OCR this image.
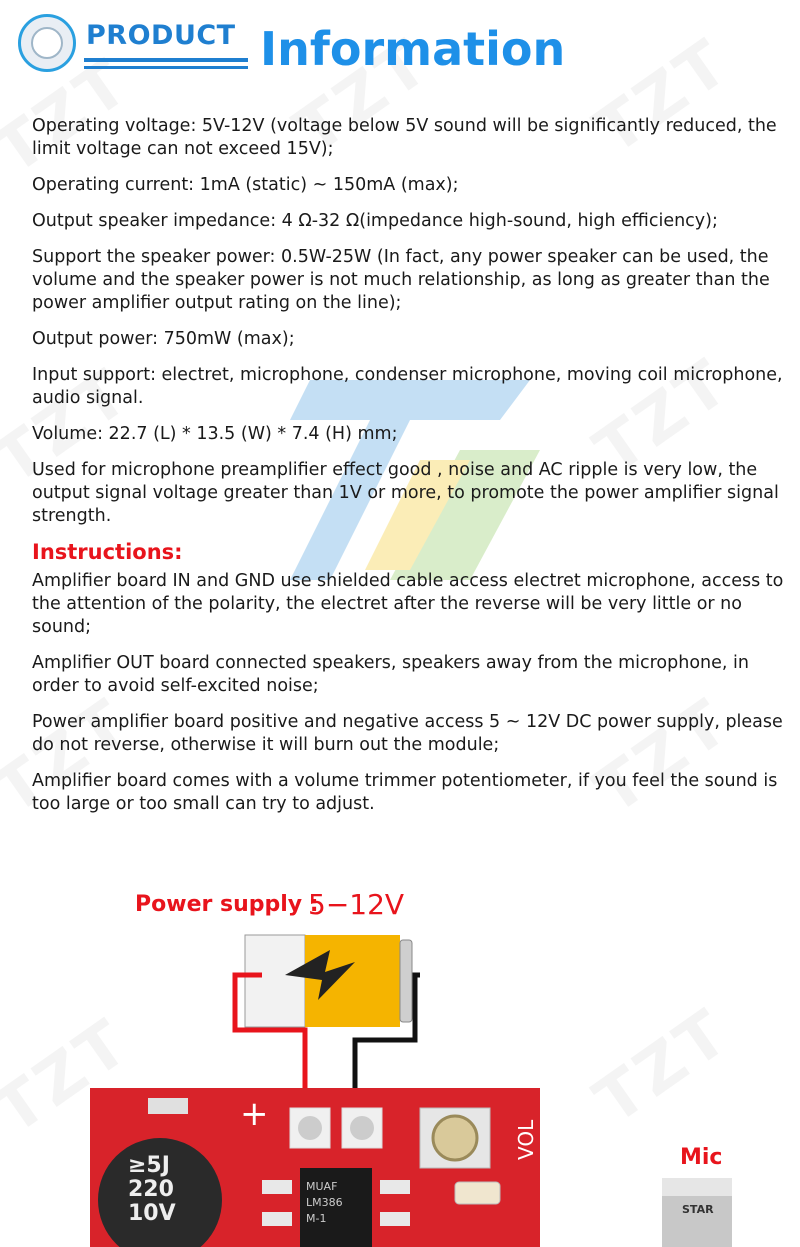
PRODUCT Information

Operating voltage: 5V-12V (voltage below 5V sound will be significantly reduced, the limit voltage can not exceed 15V);

Operating current: 1mA (static) ~ 150mA (max);

Output speaker impedance: 4 Ω-32 Ω(impedance high-sound, high efficiency);

Support the speaker power: 0.5W-25W (In fact, any power speaker can be used, the volume and the speaker power is not much relationship, as long as greater than the power amplifier output rating on the line);

Output power: 750mW (max);

Input support: electret, microphone, condenser microphone, moving coil microphone, audio signal.

Volume: 22.7 (L) * 13.5 (W) * 7.4 (H) mm;

Used for microphone preamplifier effect good , noise and AC ripple is very low, the output signal voltage greater than 1V or more, to promote the power amplifier signal strength.

Instructions:

Amplifier board IN and GND use shielded cable access electret microphone, access to the attention of the polarity, the electret after the reverse will be very little or no sound;

Amplifier OUT board connected speakers, speakers away from the microphone, in order to avoid self-excited noise;

Power amplifier board positive and negative access 5 ~ 12V DC power supply, please do not reverse, otherwise it will burn out the module;

Amplifier board comes with a volume trimmer potentiometer, if you feel the sound is too large or too small can try to adjust.

Power supply :
5−12V
+
VOL
≥5J
220
10V
MUAF
LM386
M-1
STAR
Mic
